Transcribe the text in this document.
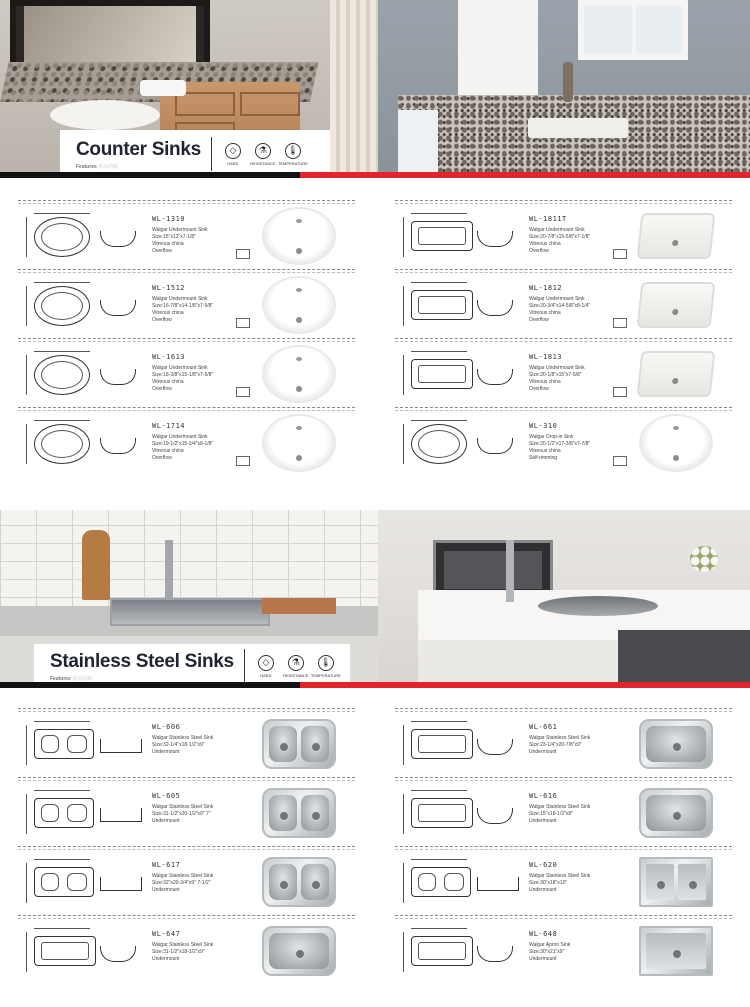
Counter Sinks
Features 產品特點
◇
HARD
⚗
RESISTANCE
🌡
TEMPERATURE
WL-1310
Walgar Undermount Sink
Size:15"x12"x7-1/8"
Vitreous china
Overflow
WL-1811T
Walgar Undermount Sink
Size:20-7/8"x15-5/8"x7-1/8"
Vitreous china
Overflow
WL-1512
Walgar Undermount Sink
Size:16-7/8"x14-1/8"x7-5/8"
Vitreous china
Overflow
WL-1812
Walgar Undermount Sink
Size:20-3/4"x14-5/8"x8-1/4"
Vitreous china
Overflow
WL-1613
Walgar Undermount Sink
Size:18-3/8"x15-1/8"x7-5/8"
Vitreous china
Overflow
WL-1813
Walgar Undermount Sink
Size:20-1/8"x15"x7-5/8"
Vitreous china
Overflow
WL-1714
Walgar Undermount Sink
Size:19-1/2"x15-3/4"x8-1/8"
Vitreous china
Overflow
WL-310
Walgar Drop-in Sink
Size:20-1/2"x17-3/8"x7-7/8"
Vitreous china
Self-rimming
Stainless Steel Sinks
Features 產品特點
◇
HARD
⚗
RESISTANCE
🌡
TEMPERATURE
WL-606
Walgar Stainless Steel Sink
Size:32-1/4"x18-1/2"x9"
Undermount
WL-661
Walgar Stainless Steel Sink
Size:23-1/4"x20-7/8"x9"
Undermount
WL-605
Walgar Stainless Steel Sink
Size:31-1/2"x20-1/2"x9" 7"
Undermount
WL-616
Walgar Stainless Steel Sink
Size:15"x18-1/2"x8"
Undermount
WL-617
Walgar Stainless Steel Sink
Size:32"x20-3/4"x9" 7-1/2"
Undermount
WL-620
Walgar Stainless Steel Sink
Size:30"x18"x10"
Undermount
WL-647
Walgar Stainless Steel Sink
Size:31-1/2"x18-1/2"x9"
Undermount
WL-648
Walgar Apron Sink
Size:30"x21"x9"
Undermount
